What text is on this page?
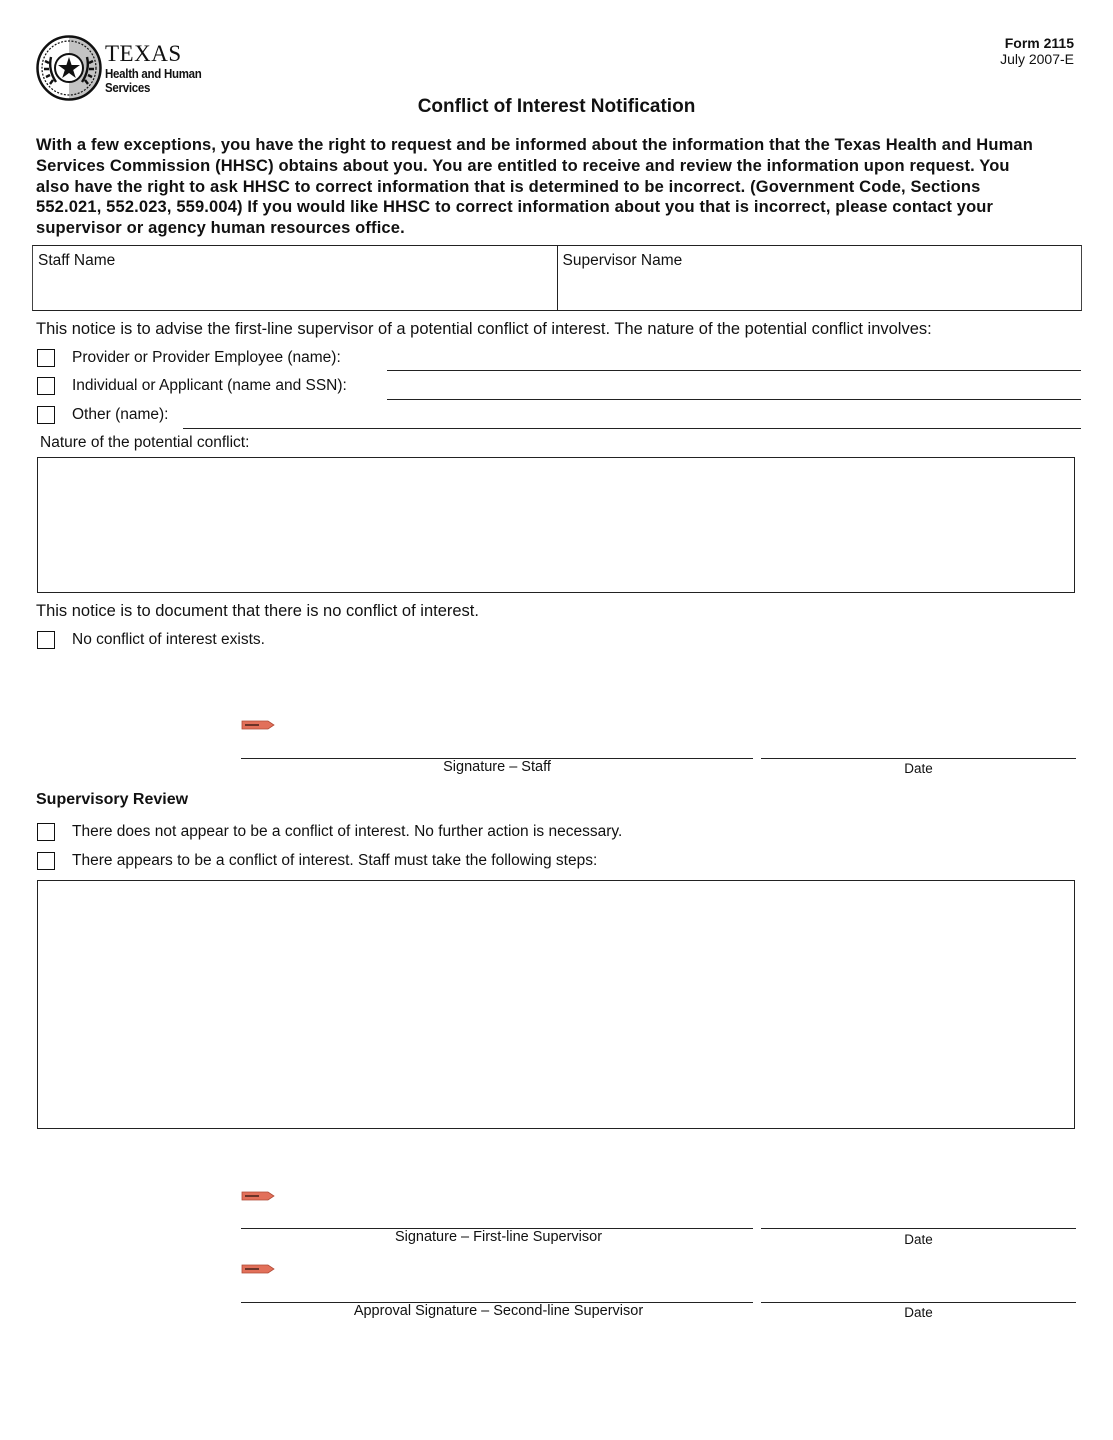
TEXAS
Health and Human
Services
Form 2115
July 2007-E
Conflict of Interest Notification
With a few exceptions, you have the right to request and be informed about the information that the Texas Health and Human
Services Commission (HHSC) obtains about you. You are entitled to receive and review the information upon request. You
also have the right to ask HHSC to correct information that is determined to be incorrect. (Government Code, Sections
552.021, 552.023, 559.004) If you would like HHSC to correct information about you that is incorrect, please contact your
supervisor or agency human resources office.
Staff Name	Supervisor Name
This notice is to advise the first-line supervisor of a potential conflict of interest. The nature of the potential conflict involves:
Provider or Provider Employee (name):
Individual or Applicant (name and SSN):
Other (name):
Nature of the potential conflict:
This notice is to document that there is no conflict of interest.
No conflict of interest exists.
Signature – Staff	Date
Supervisory Review
There does not appear to be a conflict of interest. No further action is necessary.
There appears to be a conflict of interest. Staff must take the following steps:
Signature – First-line Supervisor	Date
Approval Signature – Second-line Supervisor	Date
